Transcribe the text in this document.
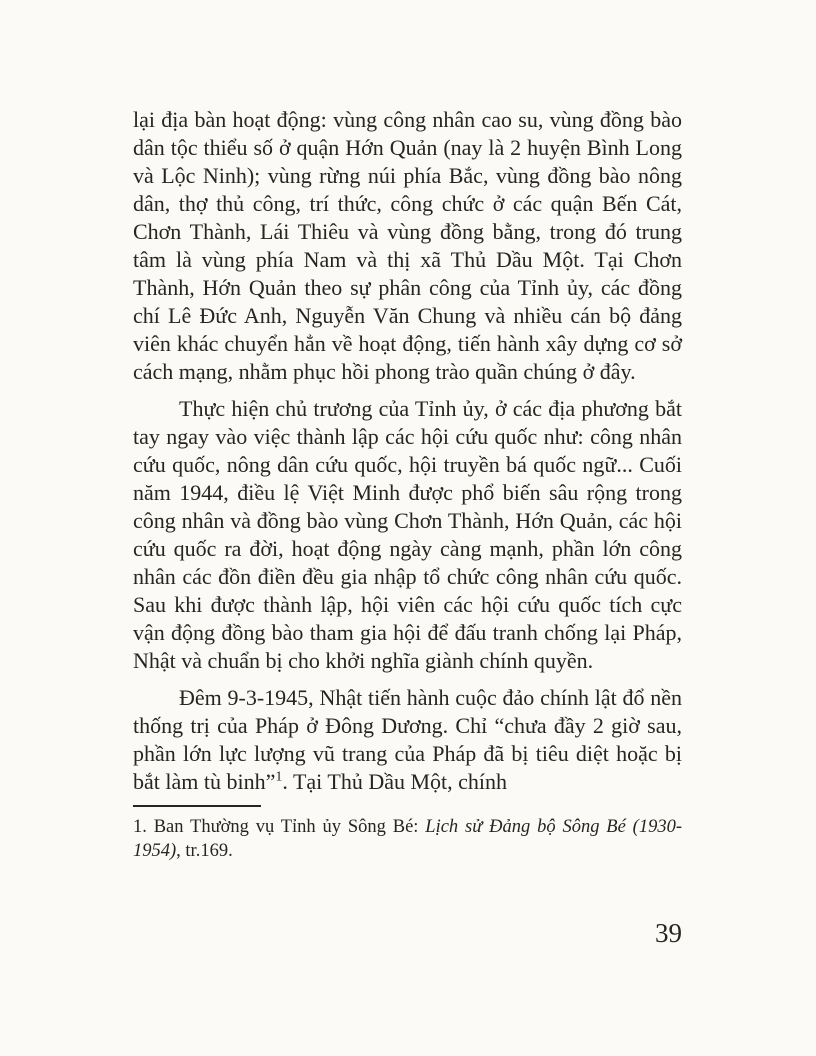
lại địa bàn hoạt động: vùng công nhân cao su, vùng đồng bào dân tộc thiểu số ở quận Hớn Quản (nay là 2 huyện Bình Long và Lộc Ninh); vùng rừng núi phía Bắc, vùng đồng bào nông dân, thợ thủ công, trí thức, công chức ở các quận Bến Cát, Chơn Thành, Lái Thiêu và vùng đồng bằng, trong đó trung tâm là vùng phía Nam và thị xã Thủ Dầu Một. Tại Chơn Thành, Hớn Quản theo sự phân công của Tỉnh ủy, các đồng chí Lê Đức Anh, Nguyễn Văn Chung và nhiều cán bộ đảng viên khác chuyển hẳn về hoạt động, tiến hành xây dựng cơ sở cách mạng, nhằm phục hồi phong trào quần chúng ở đây.

Thực hiện chủ trương của Tỉnh ủy, ở các địa phương bắt tay ngay vào việc thành lập các hội cứu quốc như: công nhân cứu quốc, nông dân cứu quốc, hội truyền bá quốc ngữ... Cuối năm 1944, điều lệ Việt Minh được phổ biến sâu rộng trong công nhân và đồng bào vùng Chơn Thành, Hớn Quản, các hội cứu quốc ra đời, hoạt động ngày càng mạnh, phần lớn công nhân các đồn điền đều gia nhập tổ chức công nhân cứu quốc. Sau khi được thành lập, hội viên các hội cứu quốc tích cực vận động đồng bào tham gia hội để đấu tranh chống lại Pháp, Nhật và chuẩn bị cho khởi nghĩa giành chính quyền.

Đêm 9-3-1945, Nhật tiến hành cuộc đảo chính lật đổ nền thống trị của Pháp ở Đông Dương. Chỉ “chưa đầy 2 giờ sau, phần lớn lực lượng vũ trang của Pháp đã bị tiêu diệt hoặc bị bắt làm tù binh”$^1$. Tại Thủ Dầu Một, chính

1. Ban Thường vụ Tỉnh ủy Sông Bé: Lịch sử Đảng bộ Sông Bé (1930-1954), tr.169.

39
